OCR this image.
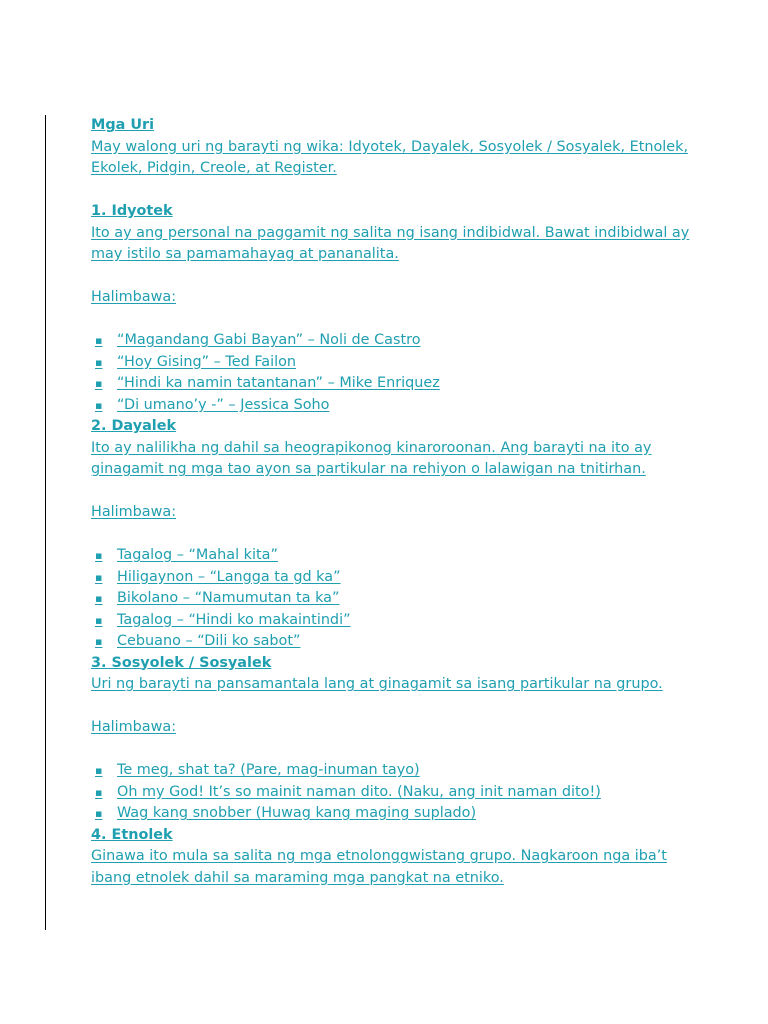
Mga Uri

May walong uri ng barayti ng wika: Idyotek, Dayalek, Sosyolek / Sosyalek, Etnolek,

Ekolek, Pidgin, Creole, at Register.

1. Idyotek

Ito ay ang personal na paggamit ng salita ng isang indibidwal. Bawat indibidwal ay

may istilo sa pamamahayag at pananalita.

Halimbawa:

▪ “Magandang Gabi Bayan” – Noli de Castro
▪ “Hoy Gising” – Ted Failon
▪ “Hindi ka namin tatantanan” – Mike Enriquez
▪ “Di umano’y -” – Jessica Soho

2. Dayalek

Ito ay nalilikha ng dahil sa heograpikonog kinaroroonan. Ang barayti na ito ay

ginagamit ng mga tao ayon sa partikular na rehiyon o lalawigan na tnitirhan.

Halimbawa:

▪ Tagalog – “Mahal kita”
▪ Hiligaynon – “Langga ta gd ka”
▪ Bikolano – “Namumutan ta ka”
▪ Tagalog – “Hindi ko makaintindi”
▪ Cebuano – “Dili ko sabot”

3. Sosyolek / Sosyalek

Uri ng barayti na pansamantala lang at ginagamit sa isang partikular na grupo.

Halimbawa:

▪ Te meg, shat ta? (Pare, mag-inuman tayo)
▪ Oh my God! It’s so mainit naman dito. (Naku, ang init naman dito!)
▪ Wag kang snobber (Huwag kang maging suplado)

4. Etnolek

Ginawa ito mula sa salita ng mga etnolonggwistang grupo. Nagkaroon nga iba’t

ibang etnolek dahil sa maraming mga pangkat na etniko.
